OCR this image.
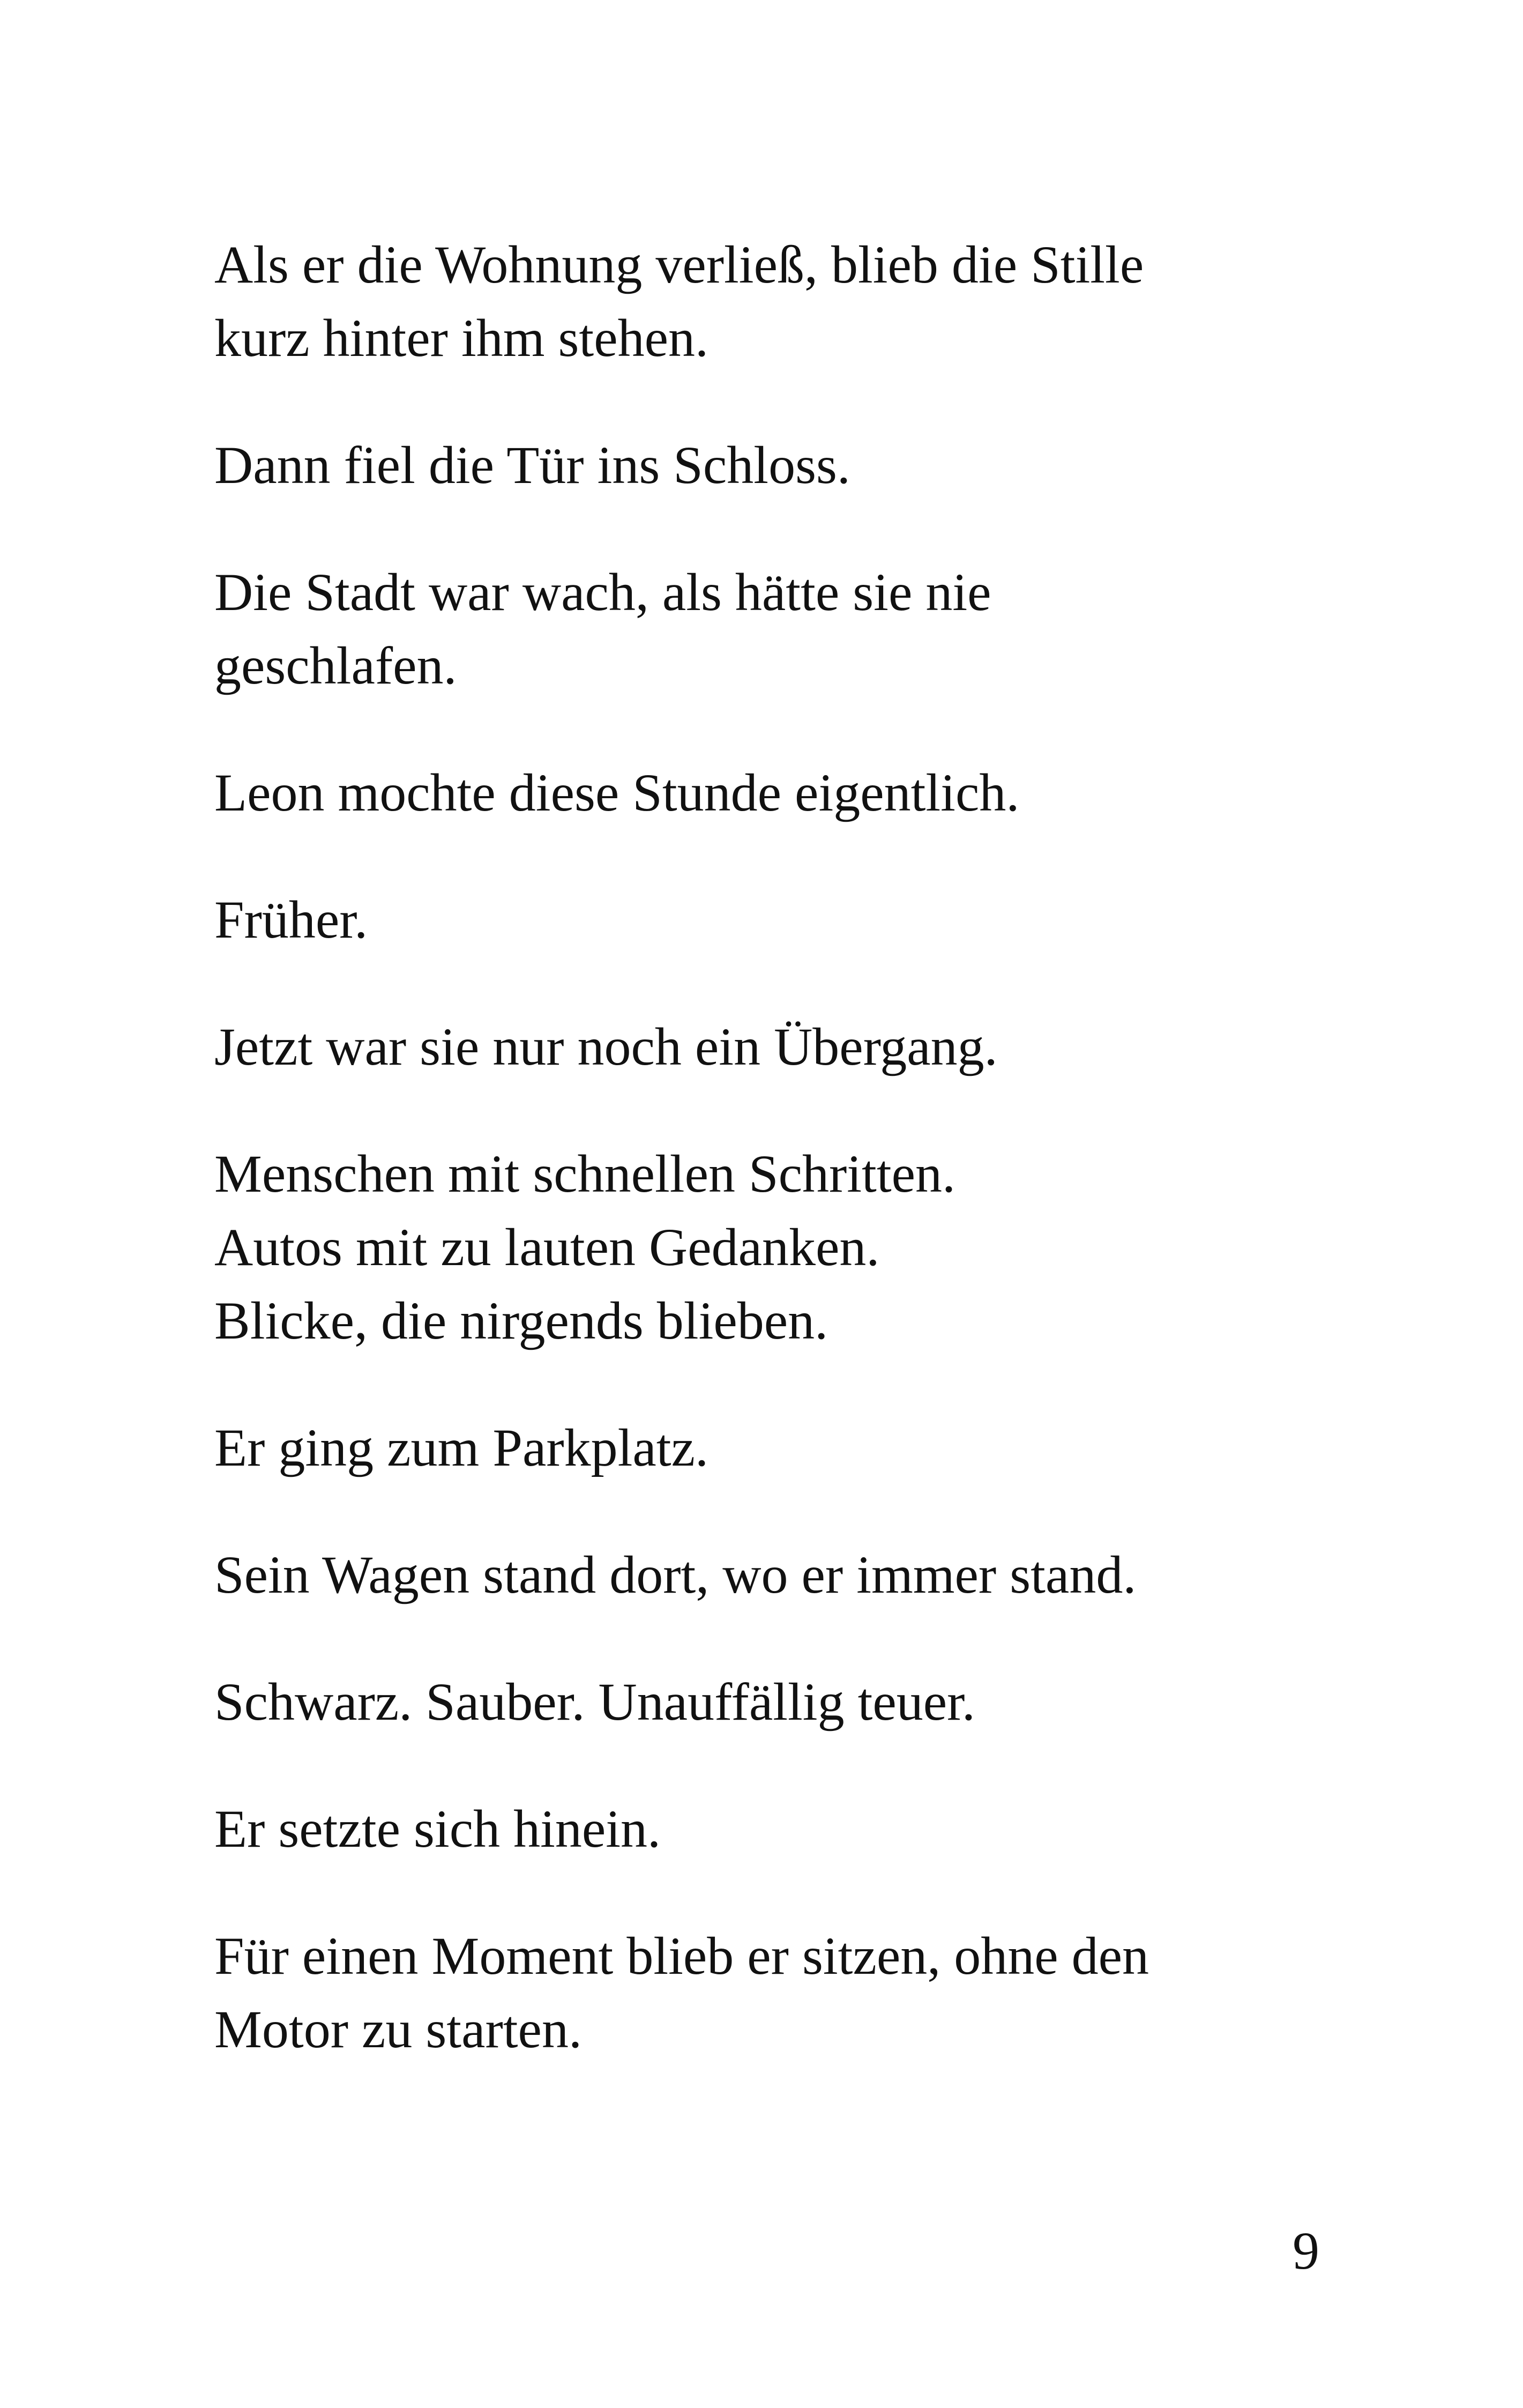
Als er die Wohnung verließ, blieb die Stille
kurz hinter ihm stehen.

Dann fiel die Tür ins Schloss.

Die Stadt war wach, als hätte sie nie
geschlafen.

Leon mochte diese Stunde eigentlich.

Früher.

Jetzt war sie nur noch ein Übergang.

Menschen mit schnellen Schritten.
Autos mit zu lauten Gedanken.
Blicke, die nirgends blieben.

Er ging zum Parkplatz.

Sein Wagen stand dort, wo er immer stand.

Schwarz. Sauber. Unauffällig teuer.

Er setzte sich hinein.

Für einen Moment blieb er sitzen, ohne den
Motor zu starten.

9
